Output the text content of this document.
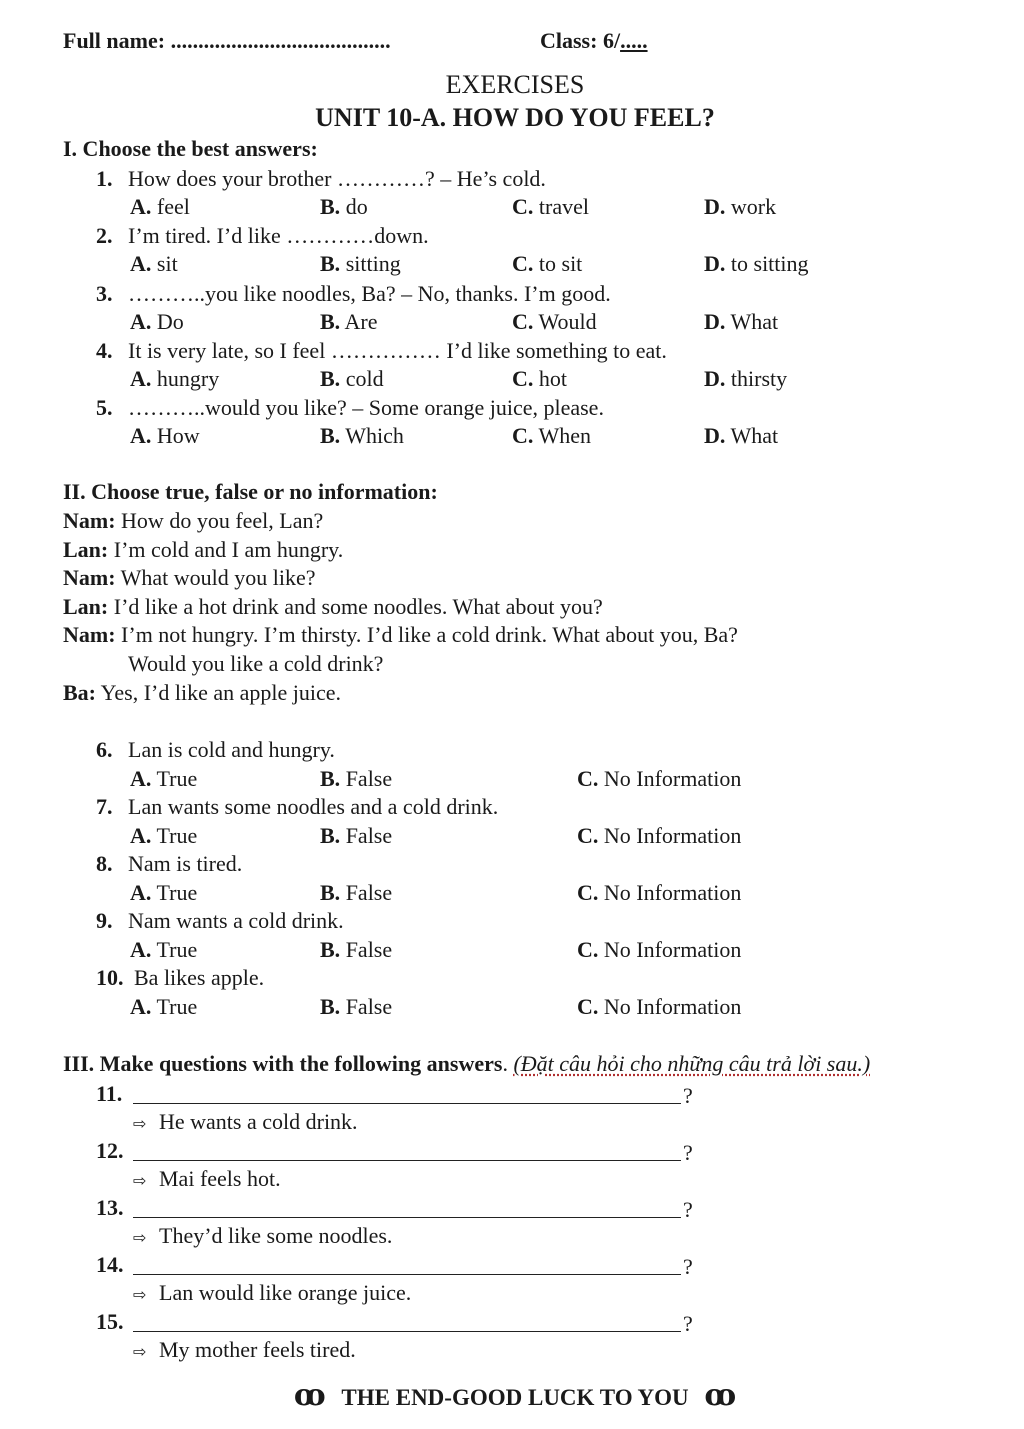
Full name: ........................................	Class: 6/.....
EXERCISES
UNIT 10-A. HOW DO YOU FEEL?
I. Choose the best answers:
1. How does your brother …………? – He’s cold.
A. feel	B. do	C. travel	D. work
2. I’m tired. I’d like …………down.
A. sit	B. sitting	C. to sit	D. to sitting
3. ………..you like noodles, Ba? – No, thanks. I’m good.
A. Do	B. Are	C. Would	D. What
4. It is very late, so I feel …………… I’d like something to eat.
A. hungry	B. cold	C. hot	D. thirsty
5. ………..would you like? – Some orange juice, please.
A. How	B. Which	C. When	D. What
II. Choose true, false or no information:
Nam: How do you feel, Lan?
Lan: I’m cold and I am hungry.
Nam: What would you like?
Lan: I’d like a hot drink and some noodles. What about you?
Nam: I’m not hungry. I’m thirsty. I’d like a cold drink. What about you, Ba?
Would you like a cold drink?
Ba: Yes, I’d like an apple juice.
6. Lan is cold and hungry.
A. True	B. False	C. No Information
7. Lan wants some noodles and a cold drink.
A. True	B. False	C. No Information
8. Nam is tired.
A. True	B. False	C. No Information
9. Nam wants a cold drink.
A. True	B. False	C. No Information
10. Ba likes apple.
A. True	B. False	C. No Information
III. Make questions with the following answers. (Đặt câu hỏi cho những câu trả lời sau.)
11.	?
⇨ He wants a cold drink.
12.	?
⇨ Mai feels hot.
13.	?
⇨ They’d like some noodles.
14.	?
⇨ Lan would like orange juice.
15.	?
⇨ My mother feels tired.
ꝏ THE END-GOOD LUCK TO YOU ꝏ
